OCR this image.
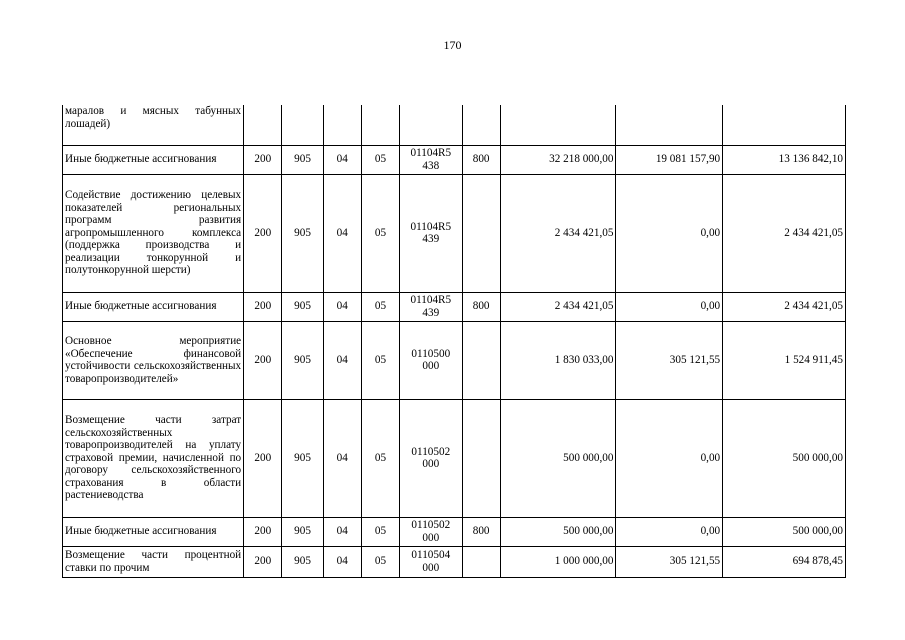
170
маралов и мясных табунных лошадей)									
Иные бюджетные ассигнования	200	905	04	05	01104R5 438	800	32 218 000,00	19 081 157,90	13 136 842,10
Содействие достижению целевых показателей региональных программ развития агропромышленного комплекса (поддержка производства и реализации тонкорунной и полутонкорунной шерсти)	200	905	04	05	01104R5 439		2 434 421,05	0,00	2 434 421,05
Иные бюджетные ассигнования	200	905	04	05	01104R5 439	800	2 434 421,05	0,00	2 434 421,05
Основное мероприятие «Обеспечение финансовой устойчивости сельскохозяйственных товаропроизводителей»	200	905	04	05	0110500 000		1 830 033,00	305 121,55	1 524 911,45
Возмещение части затрат сельскохозяйственных товаропроизводителей на уплату страховой премии, начисленной по договору сельскохозяйственного страхования в области растениеводства	200	905	04	05	0110502 000		500 000,00	0,00	500 000,00
Иные бюджетные ассигнования	200	905	04	05	0110502 000	800	500 000,00	0,00	500 000,00
Возмещение части процентной ставки по прочим	200	905	04	05	0110504 000		1 000 000,00	305 121,55	694 878,45
